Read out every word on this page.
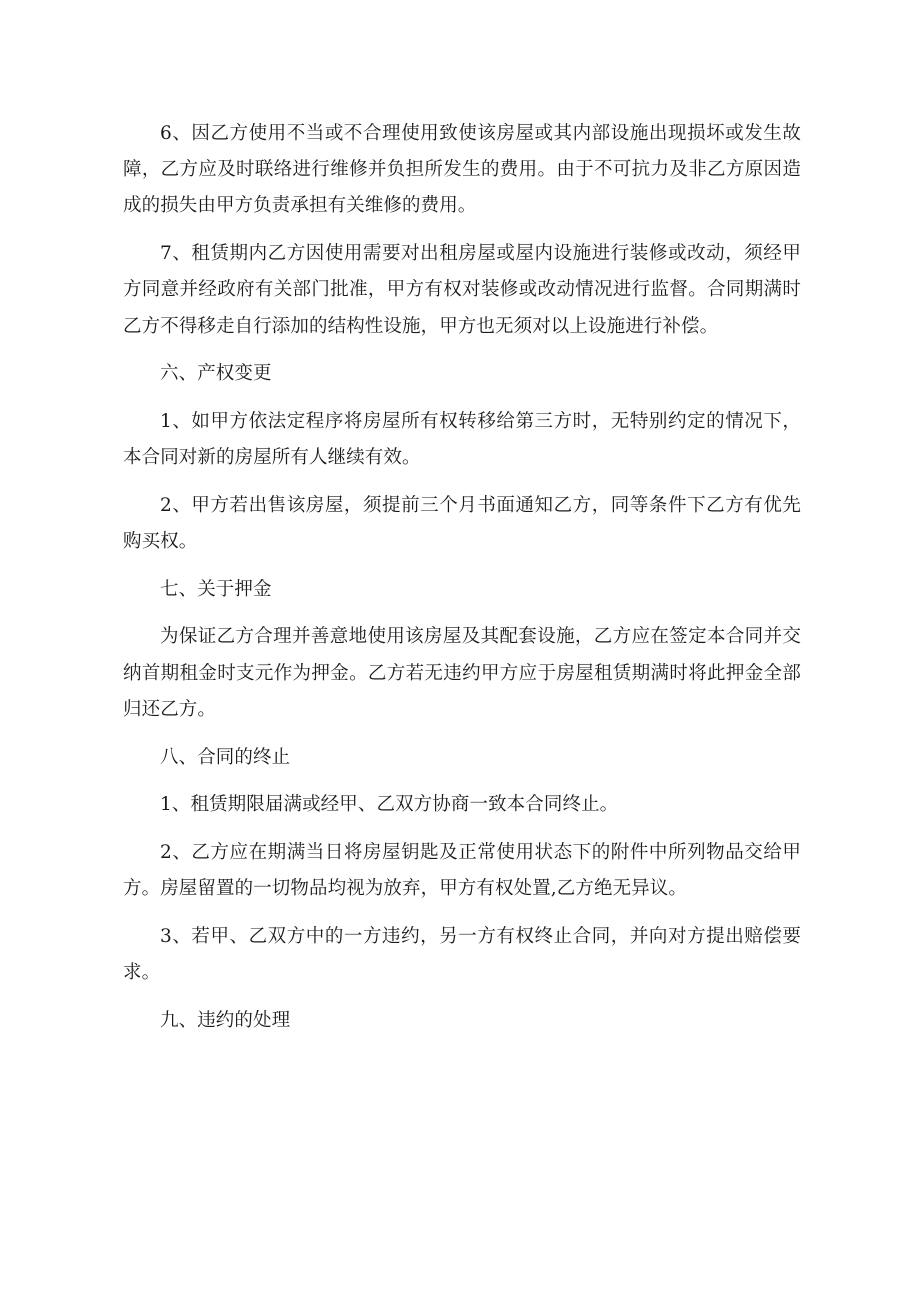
6、因乙方使用不当或不合理使用致使该房屋或其内部设施出现损坏或发生故障，乙方应及时联络进行维修并负担所发生的费用。由于不可抗力及非乙方原因造成的损失由甲方负责承担有关维修的费用。

7、租赁期内乙方因使用需要对出租房屋或屋内设施进行装修或改动，须经甲方同意并经政府有关部门批准，甲方有权对装修或改动情况进行监督。合同期满时乙方不得移走自行添加的结构性设施，甲方也无须对以上设施进行补偿。

六、产权变更

1、如甲方依法定程序将房屋所有权转移给第三方时，无特别约定的情况下，本合同对新的房屋所有人继续有效。

2、甲方若出售该房屋，须提前三个月书面通知乙方，同等条件下乙方有优先购买权。

七、关于押金

为保证乙方合理并善意地使用该房屋及其配套设施，乙方应在签定本合同并交纳首期租金时支元作为押金。乙方若无违约甲方应于房屋租赁期满时将此押金全部归还乙方。

八、合同的终止

1、租赁期限届满或经甲、乙双方协商一致本合同终止。

2、乙方应在期满当日将房屋钥匙及正常使用状态下的附件中所列物品交给甲方。房屋留置的一切物品均视为放弃，甲方有权处置,乙方绝无异议。

3、若甲、乙双方中的一方违约，另一方有权终止合同，并向对方提出赔偿要求。

九、违约的处理
